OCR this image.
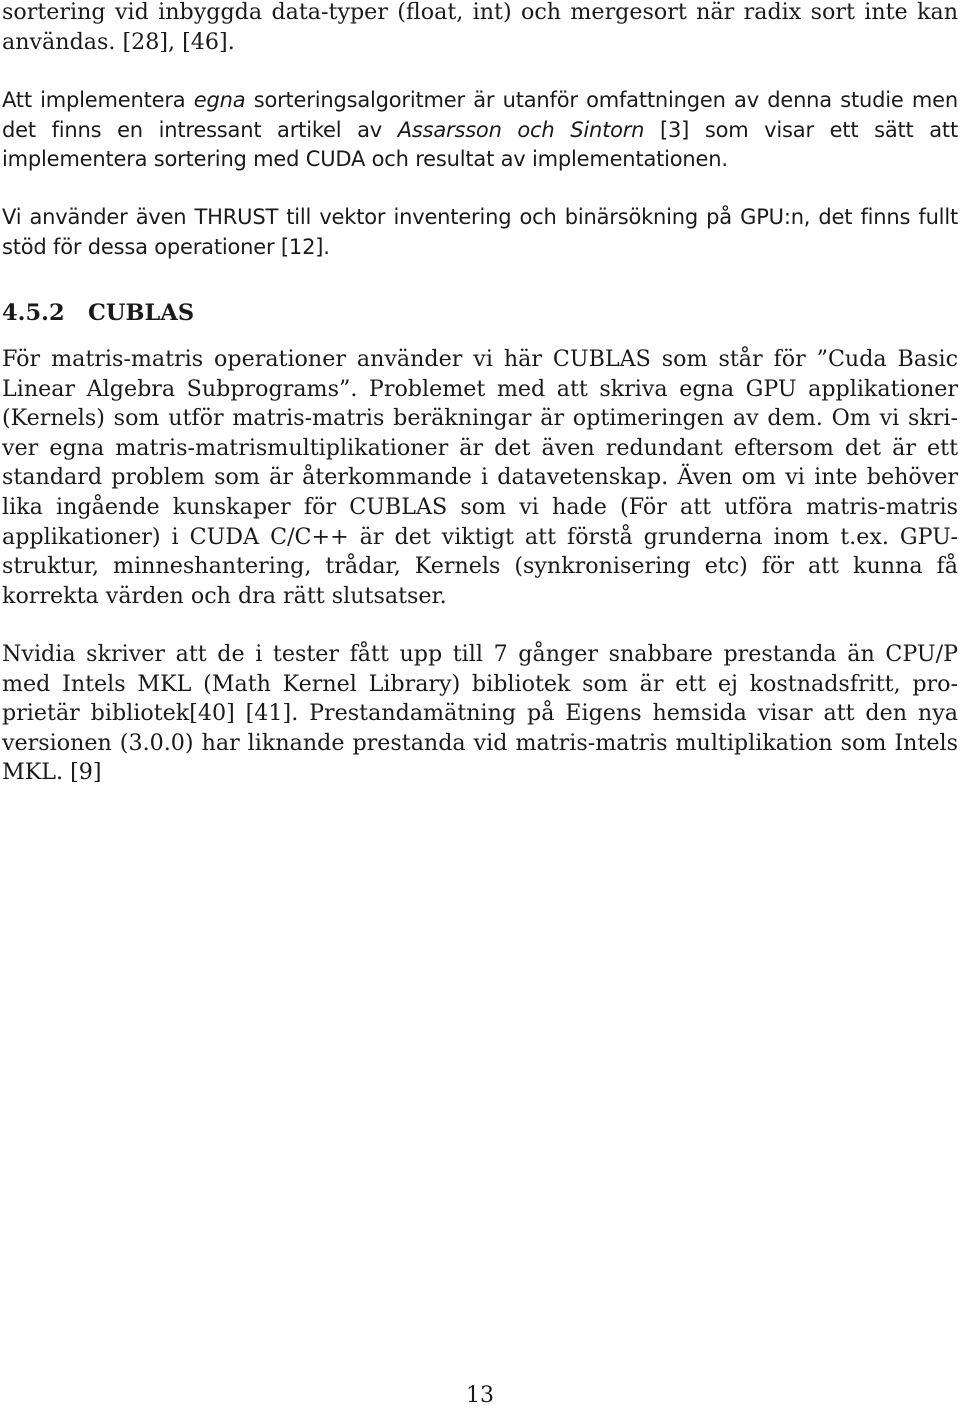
sortering vid inbyggda data-typer (float, int) och mergesort när radix sort inte kan användas. [28], [46].

Att implementera egna sorteringsalgoritmer är utanför omfattningen av denna studie men det finns en intressant artikel av Assarsson och Sintorn [3] som visar ett sätt att implementera sortering med CUDA och resultat av implementationen.

Vi använder även THRUST till vektor inventering och binärsökning på GPU:n, det finns fullt stöd för dessa operationer [12].

4.5.2 CUBLAS

För matris-matris operationer använder vi här CUBLAS som står för ”Cuda Basic Linear Algebra Subprograms”. Problemet med att skriva egna GPU applikationer (Kernels) som utför matris-matris beräkningar är optimeringen av dem. Om vi skriver egna matris-matrismultiplikationer är det även redundant eftersom det är ett standard problem som är återkommande i datavetenskap. Även om vi inte behöver lika ingående kunskaper för CUBLAS som vi hade (För att utföra matris-matris applikationer) i CUDA C/C++ är det viktigt att förstå grunderna inom t.ex. GPU-struktur, minneshantering, trådar, Kernels (synkronisering etc) för att kunna få korrekta värden och dra rätt slutsatser.

Nvidia skriver att de i tester fått upp till 7 gånger snabbare prestanda än CPU/P med Intels MKL (Math Kernel Library) bibliotek som är ett ej kostnadsfritt, proprietär bibliotek[40] [41]. Prestandamätning på Eigens hemsida visar att den nya versionen (3.0.0) har liknande prestanda vid matris-matris multiplikation som Intels MKL. [9]

13
